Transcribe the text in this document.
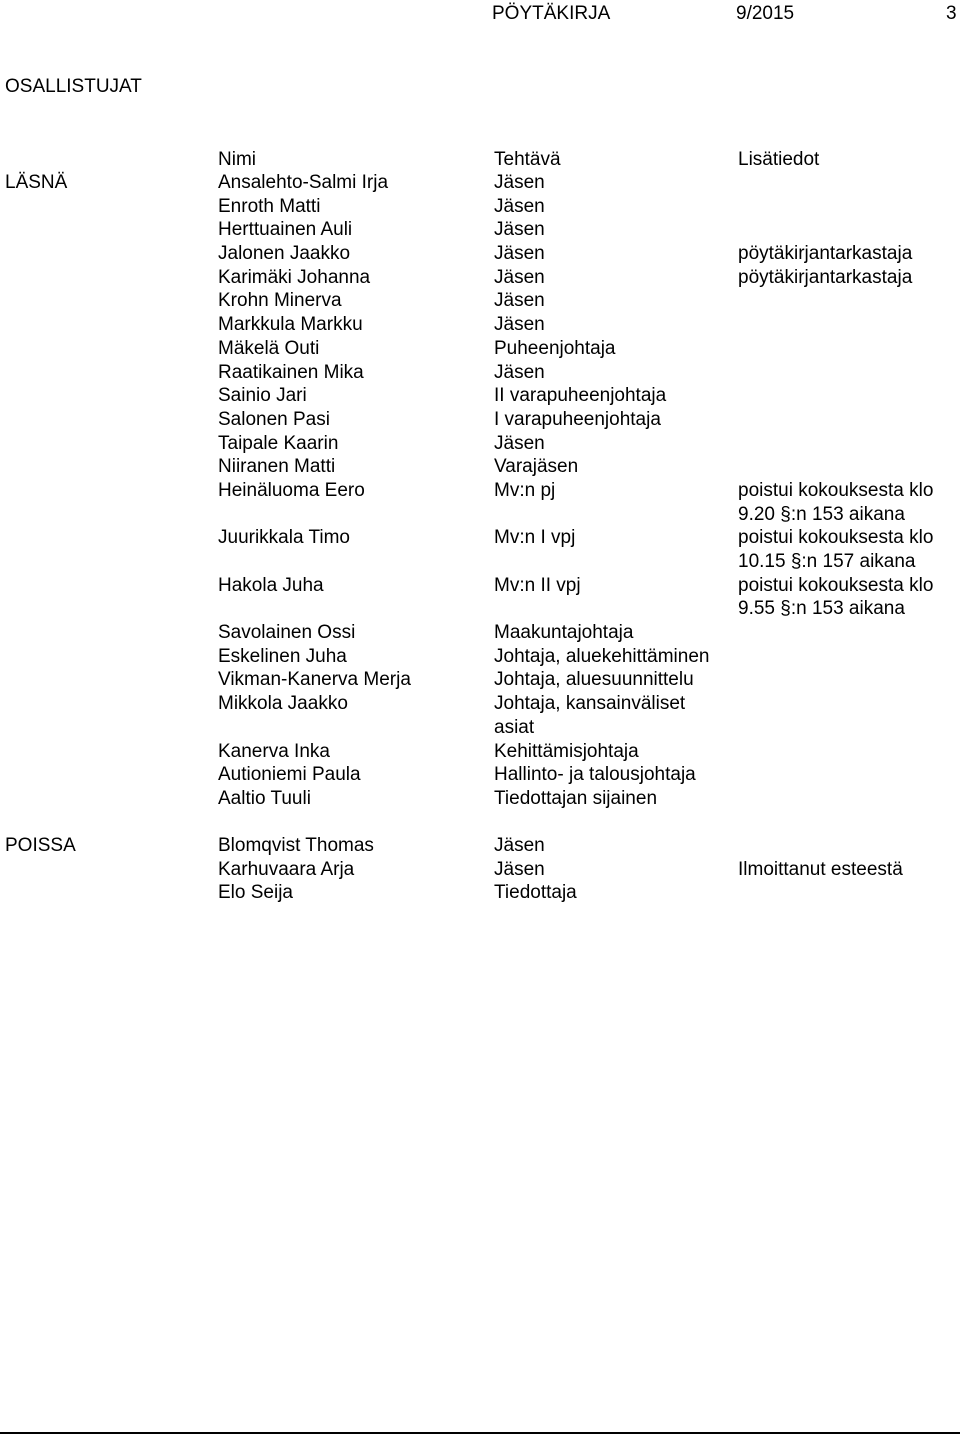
PÖYTÄKIRJA	9/2015	3
OSALLISTUJAT
Nimi	Tehtävä	Lisätiedot
LÄSNÄ	Ansalehto-Salmi Irja	Jäsen
Enroth Matti	Jäsen
Herttuainen Auli	Jäsen
Jalonen Jaakko	Jäsen	pöytäkirjantarkastaja
Karimäki Johanna	Jäsen	pöytäkirjantarkastaja
Krohn Minerva	Jäsen
Markkula Markku	Jäsen
Mäkelä Outi	Puheenjohtaja
Raatikainen Mika	Jäsen
Sainio Jari	II varapuheenjohtaja
Salonen Pasi	I varapuheenjohtaja
Taipale Kaarin	Jäsen
Niiranen Matti	Varajäsen
Heinäluoma Eero	Mv:n pj	poistui kokouksesta klo 9.20 §:n 153 aikana
Juurikkala Timo	Mv:n I vpj	poistui kokouksesta klo 10.15 §:n 157 aikana
Hakola Juha	Mv:n II vpj	poistui kokouksesta klo 9.55 §:n 153 aikana
Savolainen Ossi	Maakuntajohtaja
Eskelinen Juha	Johtaja, aluekehittäminen
Vikman-Kanerva Merja	Johtaja, aluesuunnittelu
Mikkola Jaakko	Johtaja, kansainväliset asiat
Kanerva Inka	Kehittämisjohtaja
Autioniemi Paula	Hallinto- ja talousjohtaja
Aaltio Tuuli	Tiedottajan sijainen
POISSA	Blomqvist Thomas	Jäsen
Karhuvaara Arja	Jäsen	Ilmoittanut esteestä
Elo Seija	Tiedottaja
